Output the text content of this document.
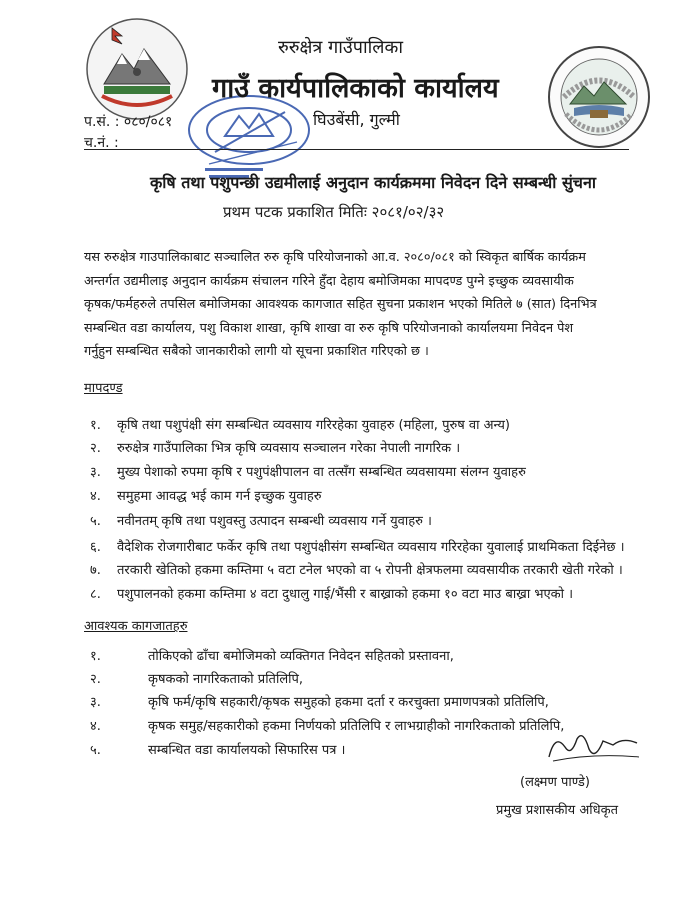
रुरुक्षेत्र गाउँपालिका
गाउँ कार्यपालिकाको कार्यालय
घिउबेंसी, गुल्मी
प.सं. : ०८०/०८१
च.नं. :
कृषि तथा पशुपन्छी उद्यमीलाई अनुदान कार्यक्रममा निवेदन दिने सम्बन्धी सुंचना
प्रथम पटक प्रकाशित मितिः २०८१/०२/३२
यस रुरुक्षेत्र गाउपालिकाबाट सञ्चालित रुरु कृषि परियोजनाको आ.व. २०८०/०८१ को स्विकृत बार्षिक कार्यक्रम
अन्तर्गत उद्यमीलाइ अनुदान कार्यक्रम संचालन गरिने हुँदा देहाय बमोजिमका मापदण्ड पुग्ने इच्छुक व्यवसायीक
कृषक/फर्महरुले तपसिल बमोजिमका आवश्यक कागजात सहित सुचना प्रकाशन भएको मितिले ७ (सात) दिनभित्र
सम्बन्धित वडा कार्यालय, पशु विकाश शाखा, कृषि शाखा वा रुरु कृषि परियोजनाको कार्यालयमा निवेदन पेश
गर्नुहुन सम्बन्धित सबैको जानकारीको लागी यो सूचना प्रकाशित गरिएको छ ।
मापदण्ड
१. कृषि तथा पशुपंक्षी संग सम्बन्धित व्यवसाय गरिरहेका युवाहरु (महिला, पुरुष वा अन्य)
२. रुरुक्षेत्र गाउँपालिका भित्र कृषि व्यवसाय सञ्चालन गरेका नेपाली नागरिक ।
३. मुख्य पेशाको रुपमा कृषि र पशुपंक्षीपालन वा तत्सँग सम्बन्धित व्यवसायमा संलग्न युवाहरु
४. समुहमा आवद्ध भई काम गर्न इच्छुक युवाहरु
५. नवीनतम् कृषि तथा पशुवस्तु उत्पादन सम्बन्धी व्यवसाय गर्ने युवाहरु ।
६. वैदेशिक रोजगारीबाट फर्केर कृषि तथा पशुपंक्षीसंग सम्बन्धित व्यवसाय गरिरहेका युवालाई प्राथमिकता दिईनेछ ।
७. तरकारी खेतिको हकमा कम्तिमा ५ वटा टनेल भएको वा ५ रोपनी क्षेत्रफलमा व्यवसायीक तरकारी खेती गरेको ।
८. पशुपालनको हकमा कम्तिमा ४ वटा दुधालु गाई/भैंसी र बाख्राको हकमा १० वटा माउ बाख्रा भएको ।
आवश्यक कागजातहरु
१.	तोकिएको ढाँचा बमोजिमको व्यक्तिगत निवेदन सहितको प्रस्तावना,
२.	कृषकको नागरिकताको प्रतिलिपि,
३.	कृषि फर्म/कृषि सहकारी/कृषक समुहको हकमा दर्ता र करचुक्ता प्रमाणपत्रको प्रतिलिपि,
४.	कृषक समुह/सहकारीको हकमा निर्णयको प्रतिलिपि र लाभग्राहीको नागरिकताको प्रतिलिपि,
५.	सम्बन्धित वडा कार्यालयको सिफारिस पत्र ।
(लक्ष्मण पाण्डे)
प्रमुख प्रशासकीय अधिकृत
